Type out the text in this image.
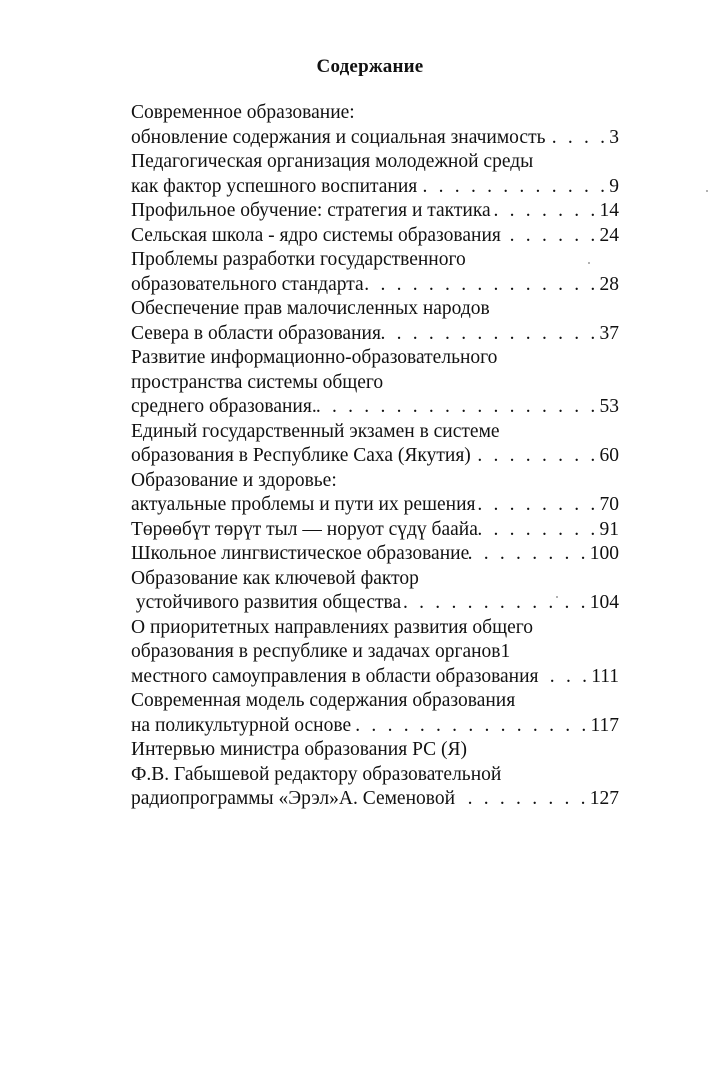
Содержание
Современное образование:
обновление содержания и социальная значимость . . .	3
Педагогическая организация молодежной среды
как фактор успешного воспитания . . .	9
Профильное обучение: стратегия и тактика . . .	14
Сельская школа - ядро системы образования . . .	24
Проблемы разработки государственного
образовательного стандарта . . .	28
Обеспечение прав малочисленных народов
Севера в области образования . . .	37
Развитие информационно-образовательного
пространства системы общего
среднего образования. . . .	53
Единый государственный экзамен в системе
образования в Республике Саха (Якутия) . . .	60
Образование и здоровье:
актуальные проблемы и пути их решения . . .	70
Төрөөбүт төрүт тыл — норуот сүдү баайа . . .	91
Школьное лингвистическое образование . . .	100
Образование как ключевой фактор
устойчивого развития общества . . .	104
О приоритетных направлениях развития общего
образования в республике и задачах органов1
местного самоуправления в области образования . . .	111
Современная модель содержания образования
на поликультурной основе . . .	117
Интервью министра образования РС (Я)
Ф.В. Габышевой редактору образовательной
радиопрограммы «Эрэл»А. Семеновой . . .	127
